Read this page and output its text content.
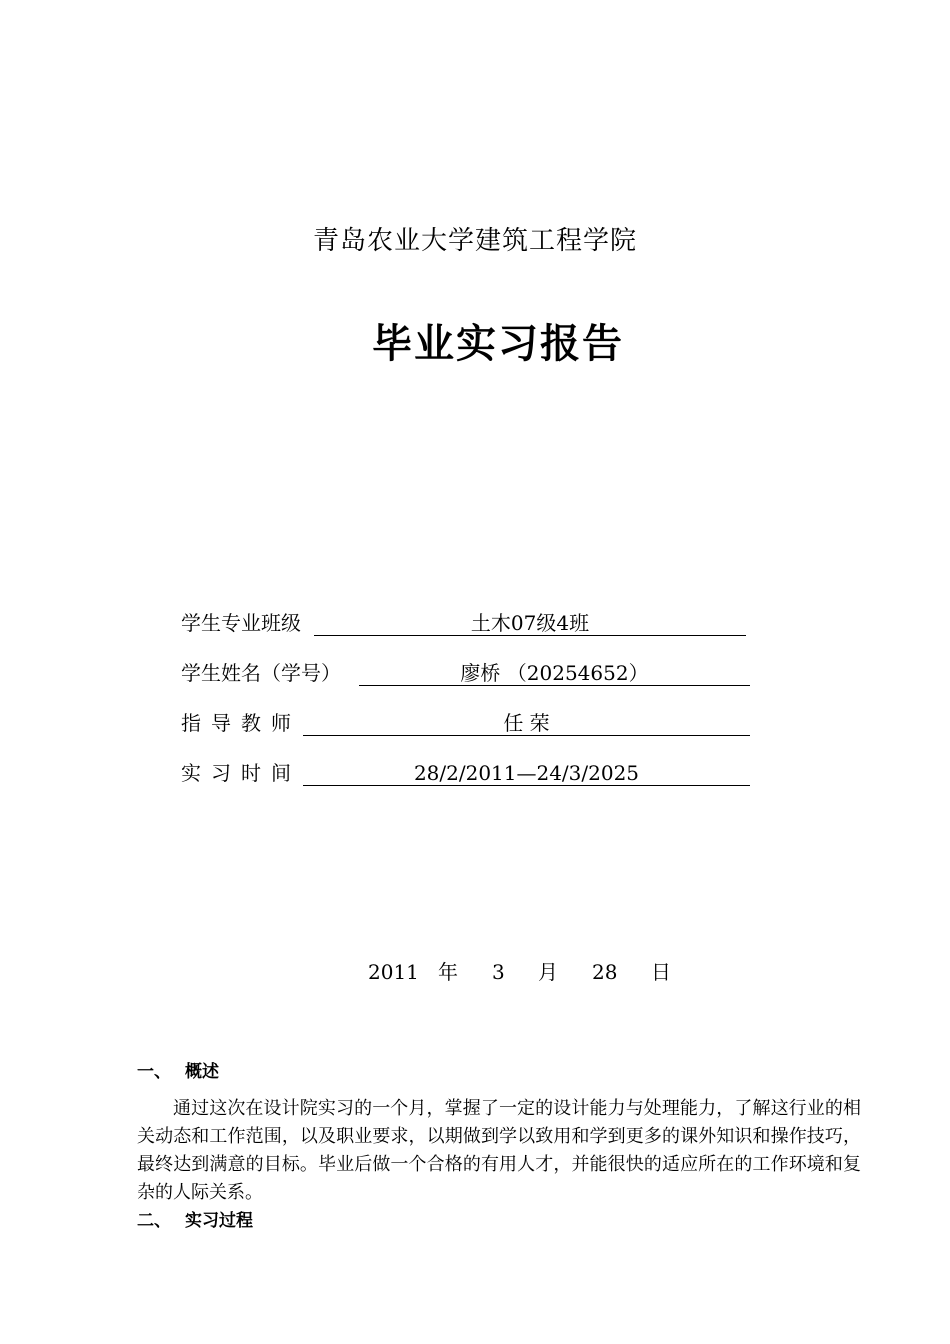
青岛农业大学建筑工程学院
毕业实习报告
学生专业班级	土木07级4班
学生姓名（学号）	廖桥 （20254652）
指导教师	任 荣
实习时间	28/2/2011—24/3/2025
2011 年 3 月 28 日
一、 概述
通过这次在设计院实习的一个月，掌握了一定的设计能力与处理能力，了解这行业的相关动态和工作范围，以及职业要求，以期做到学以致用和学到更多的课外知识和操作技巧，最终达到满意的目标。毕业后做一个合格的有用人才，并能很快的适应所在的工作环境和复杂的人际关系。
二、 实习过程
